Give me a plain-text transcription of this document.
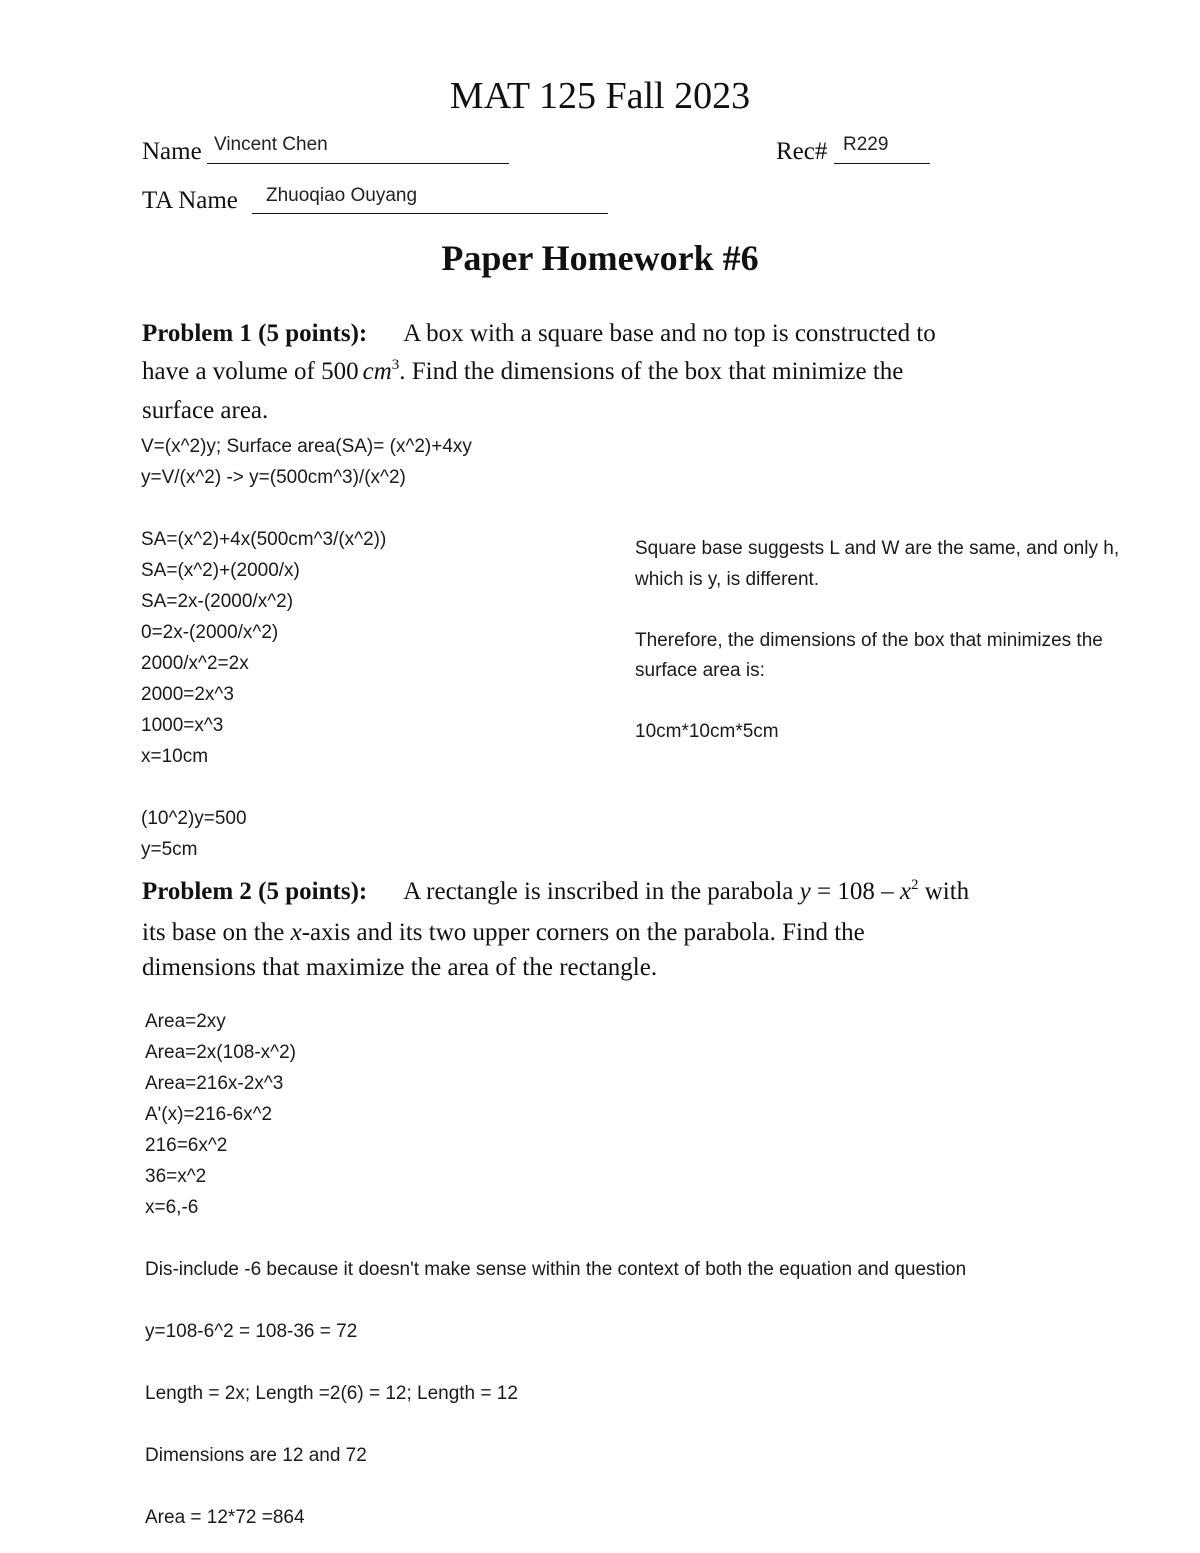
MAT 125 Fall 2023
Name Vincent Chen	Rec# R229
TA Name Zhuoqiao Ouyang
Paper Homework #6
Problem 1 (5 points): A box with a square base and no top is constructed to
have a volume of 500 $cm^3$. Find the dimensions of the box that minimize the
surface area.
V=(x^2)y; Surface area(SA)= (x^2)+4xy
y=V/(x^2) -> y=(500cm^3)/(x^2)
SA=(x^2)+4x(500cm^3/(x^2))
SA=(x^2)+(2000/x)
SA=2x-(2000/x^2)
0=2x-(2000/x^2)
2000/x^2=2x
2000=2x^3
1000=x^3
x=10cm
(10^2)y=500
y=5cm
Square base suggests L and W are the same, and only h,
which is y, is different.
Therefore, the dimensions of the box that minimizes the
surface area is:
10cm*10cm*5cm
Problem 2 (5 points): A rectangle is inscribed in the parabola $y = 108 - x^2$ with
its base on the x-axis and its two upper corners on the parabola. Find the
dimensions that maximize the area of the rectangle.
Area=2xy
Area=2x(108-x^2)
Area=216x-2x^3
A'(x)=216-6x^2
216=6x^2
36=x^2
x=6,-6
Dis-include -6 because it doesn't make sense within the context of both the equation and question
y=108-6^2 = 108-36 = 72
Length = 2x; Length =2(6) = 12; Length = 12
Dimensions are 12 and 72
Area = 12*72 =864
